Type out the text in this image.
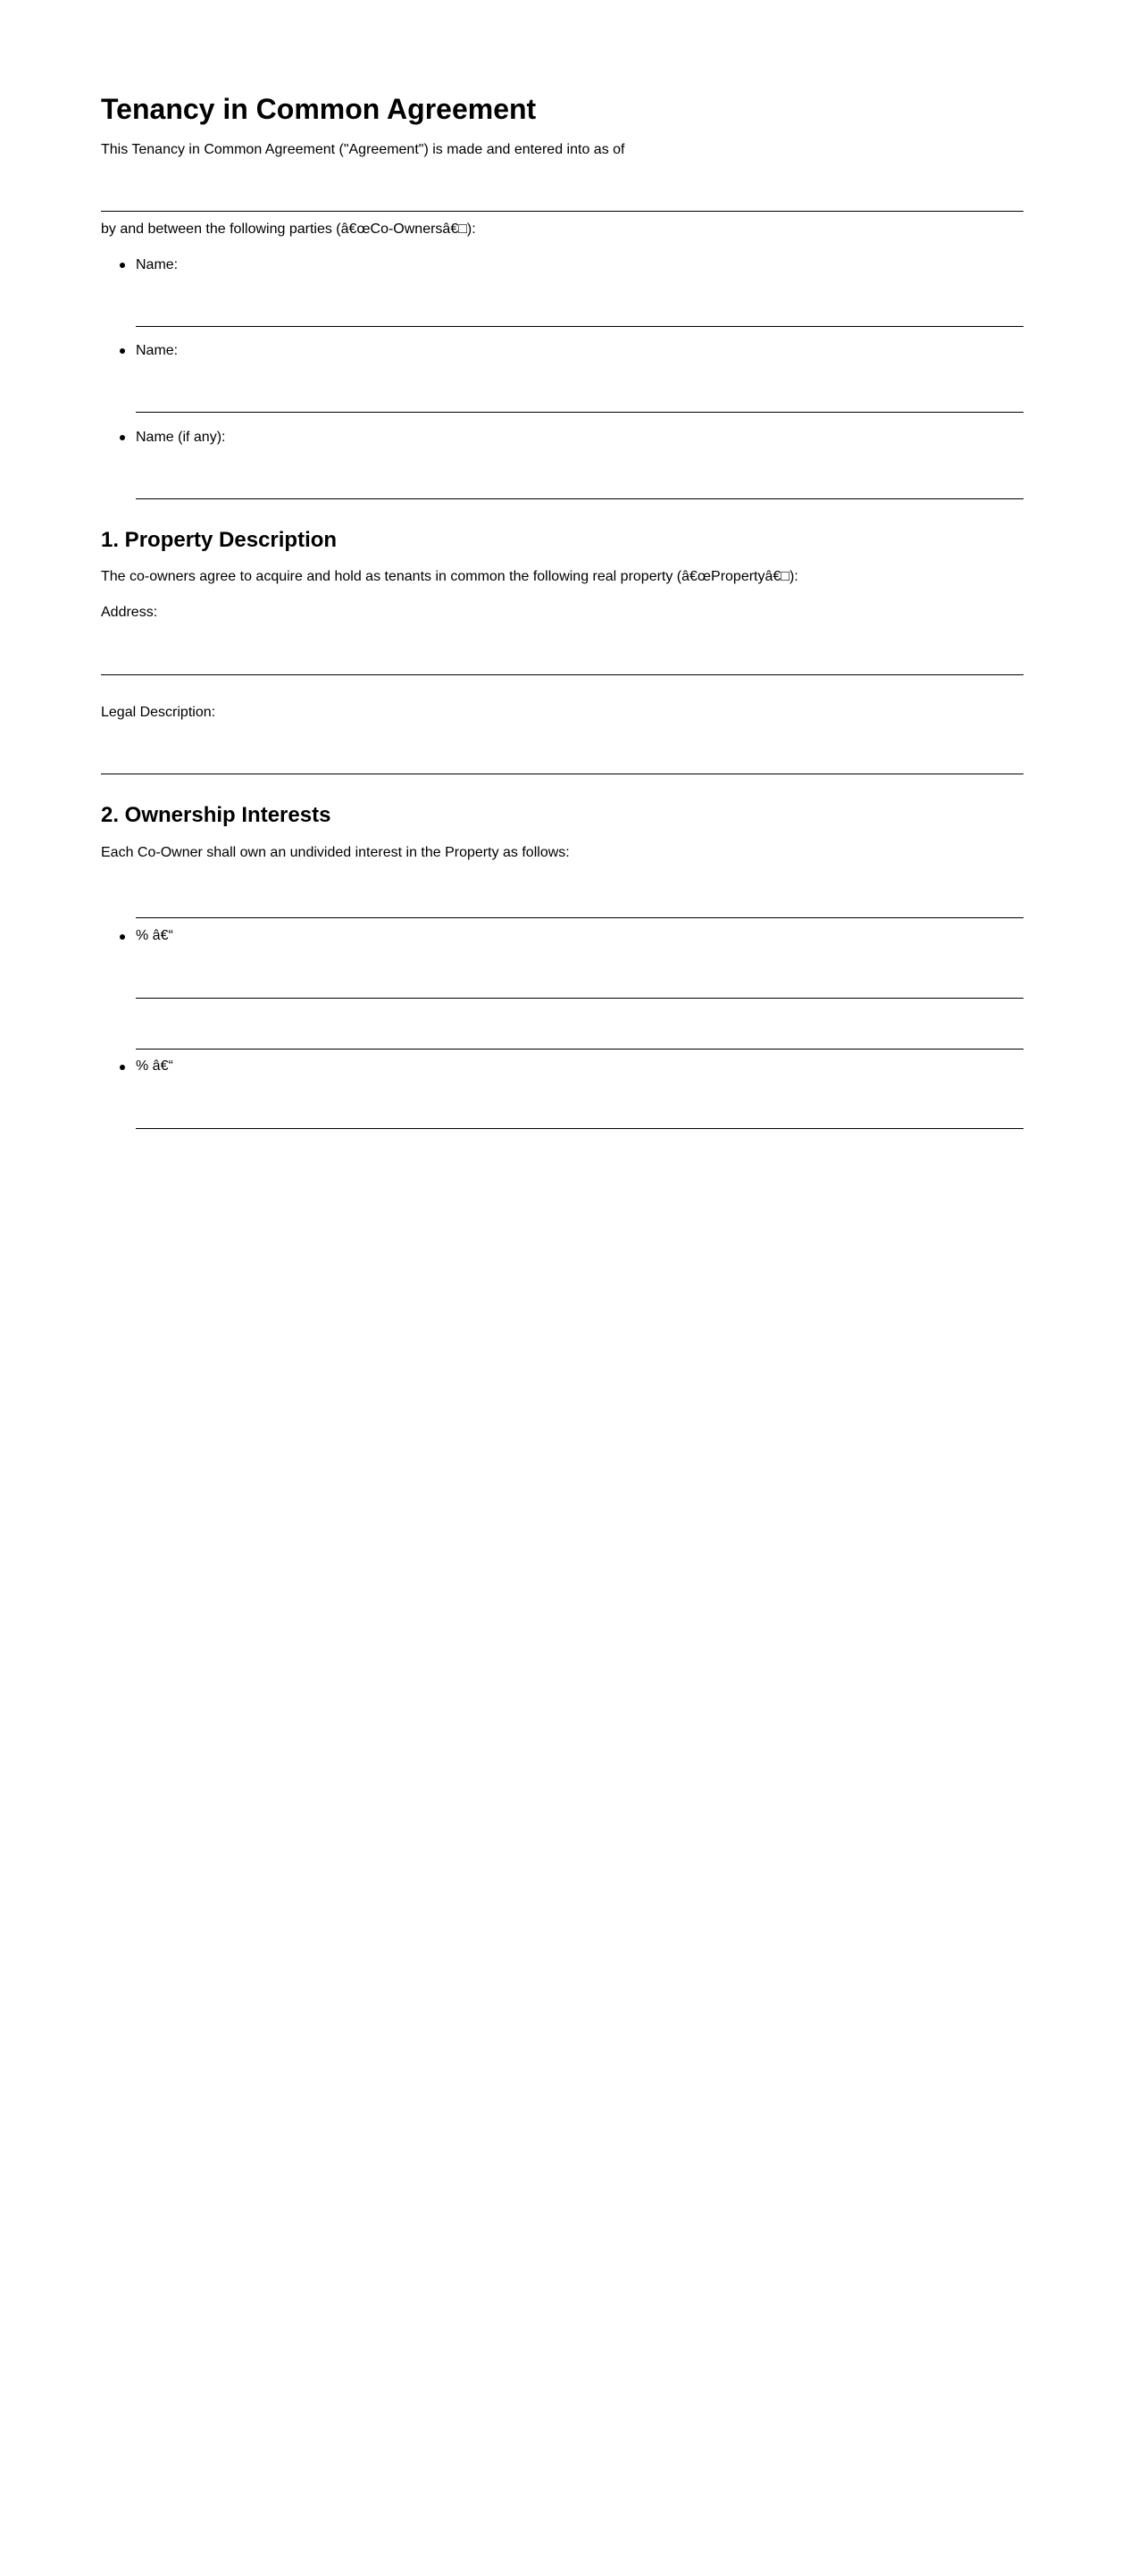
Tenancy in Common Agreement
This Tenancy in Common Agreement ("Agreement") is made and entered into as of
by and between the following parties (â€œCo-Ownersâ€□):
Name:
Name:
Name (if any):
1. Property Description
The co-owners agree to acquire and hold as tenants in common the following real property (â€œPropertyâ€□):
Address:
Legal Description:
2. Ownership Interests
Each Co-Owner shall own an undivided interest in the Property as follows:
% â€“
% â€“
